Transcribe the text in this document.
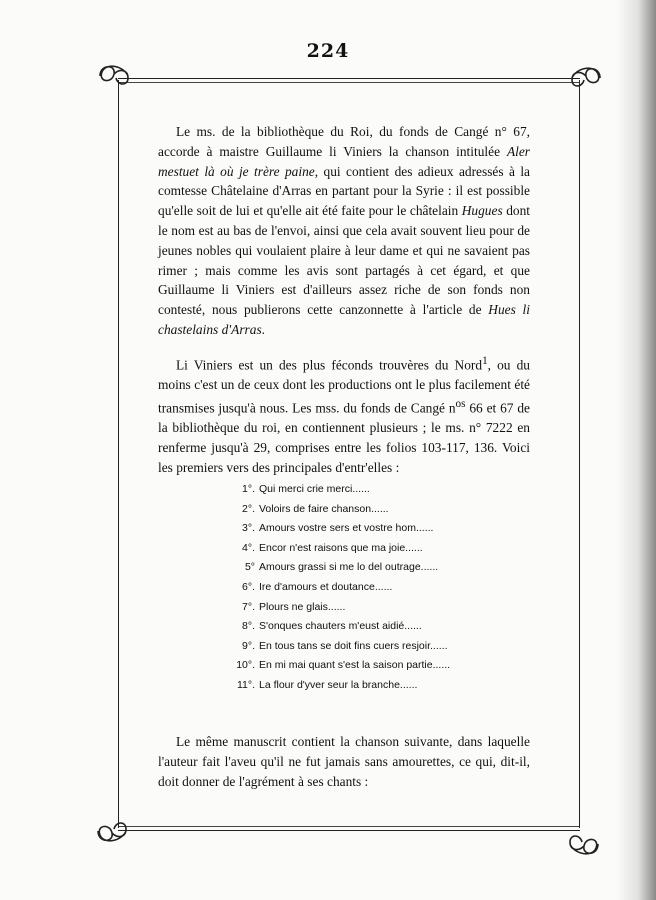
224

Le ms. de la bibliothèque du Roi, du fonds de Cangé n° 67, accorde à maistre Guillaume li Viniers la chanson intitulée Aler mestuet là où je trère paine, qui contient des adieux adressés à la comtesse Châtelaine d'Arras en partant pour la Syrie : il est possible qu'elle soit de lui et qu'elle ait été faite pour le châtelain Hugues dont le nom est au bas de l'envoi, ainsi que cela avait souvent lieu pour de jeunes nobles qui voulaient plaire à leur dame et qui ne savaient pas rimer ; mais comme les avis sont partagés à cet égard, et que Guillaume li Viniers est d'ailleurs assez riche de son fonds non contesté, nous publierons cette canzonnette à l'article de Hues li chastelains d'Arras.

Li Viniers est un des plus féconds trouvères du Nord$^1$, ou du moins c'est un de ceux dont les productions ont le plus facilement été transmises jusqu'à nous. Les mss. du fonds de Cangé $n^{os}$ 66 et 67 de la bibliothèque du roi, en contiennent plusieurs ; le ms. n° 7222 en renferme jusqu'à 29, comprises entre les folios 103-117, 136. Voici les premiers vers des principales d'entr'elles :

1°. Qui merci crie merci......
2°. Voloirs de faire chanson......
3°. Amours vostre sers et vostre hom......
4°. Encor n'est raisons que ma joie......
5° Amours grassi si me lo del outrage......
6°. Ire d'amours et doutance......
7°. Plours ne glais......
8°. S'onques chauters m'eust aidié......
9°. En tous tans se doit fins cuers resjoir......
10°. En mi mai quant s'est la saison partie......
11°. La flour d'yver seur la branche......

Le même manuscrit contient la chanson suivante, dans laquelle l'auteur fait l'aveu qu'il ne fut jamais sans amourettes, ce qui, dit-il, doit donner de l'agrément à ses chants :
